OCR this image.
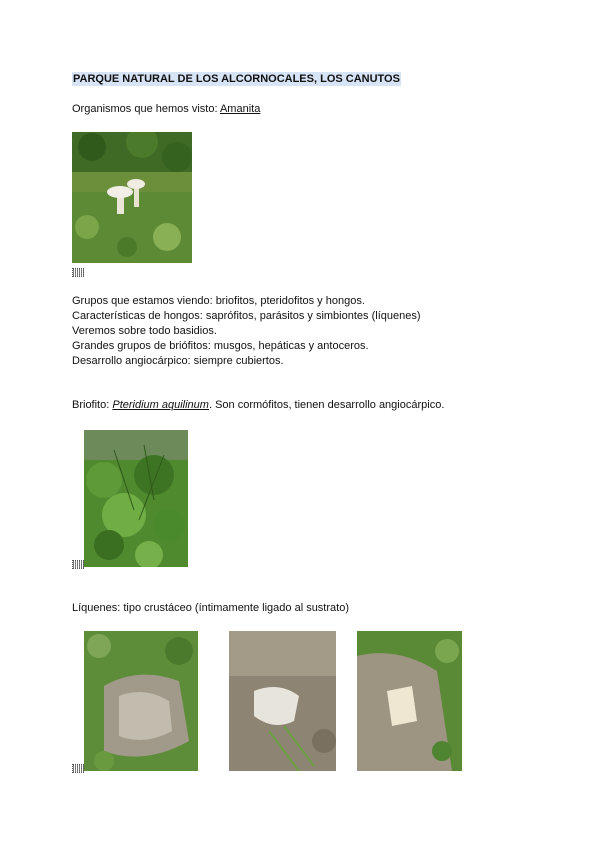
PARQUE NATURAL DE LOS ALCORNOCALES, LOS CANUTOS
Organismos que hemos visto: Amanita
Grupos que estamos viendo: briofitos, pteridofitos y hongos.
Características de hongos: saprófitos, parásitos y simbiontes (líquenes)
Veremos sobre todo basidios.
Grandes grupos de briófitos: musgos, hepáticas y antoceros.
Desarrollo angiocárpico: siempre cubiertos.
Briofito: Pteridium aquilinum. Son cormófitos, tienen desarrollo angiocárpico.
Líquenes: tipo crustáceo (íntimamente ligado al sustrato)
